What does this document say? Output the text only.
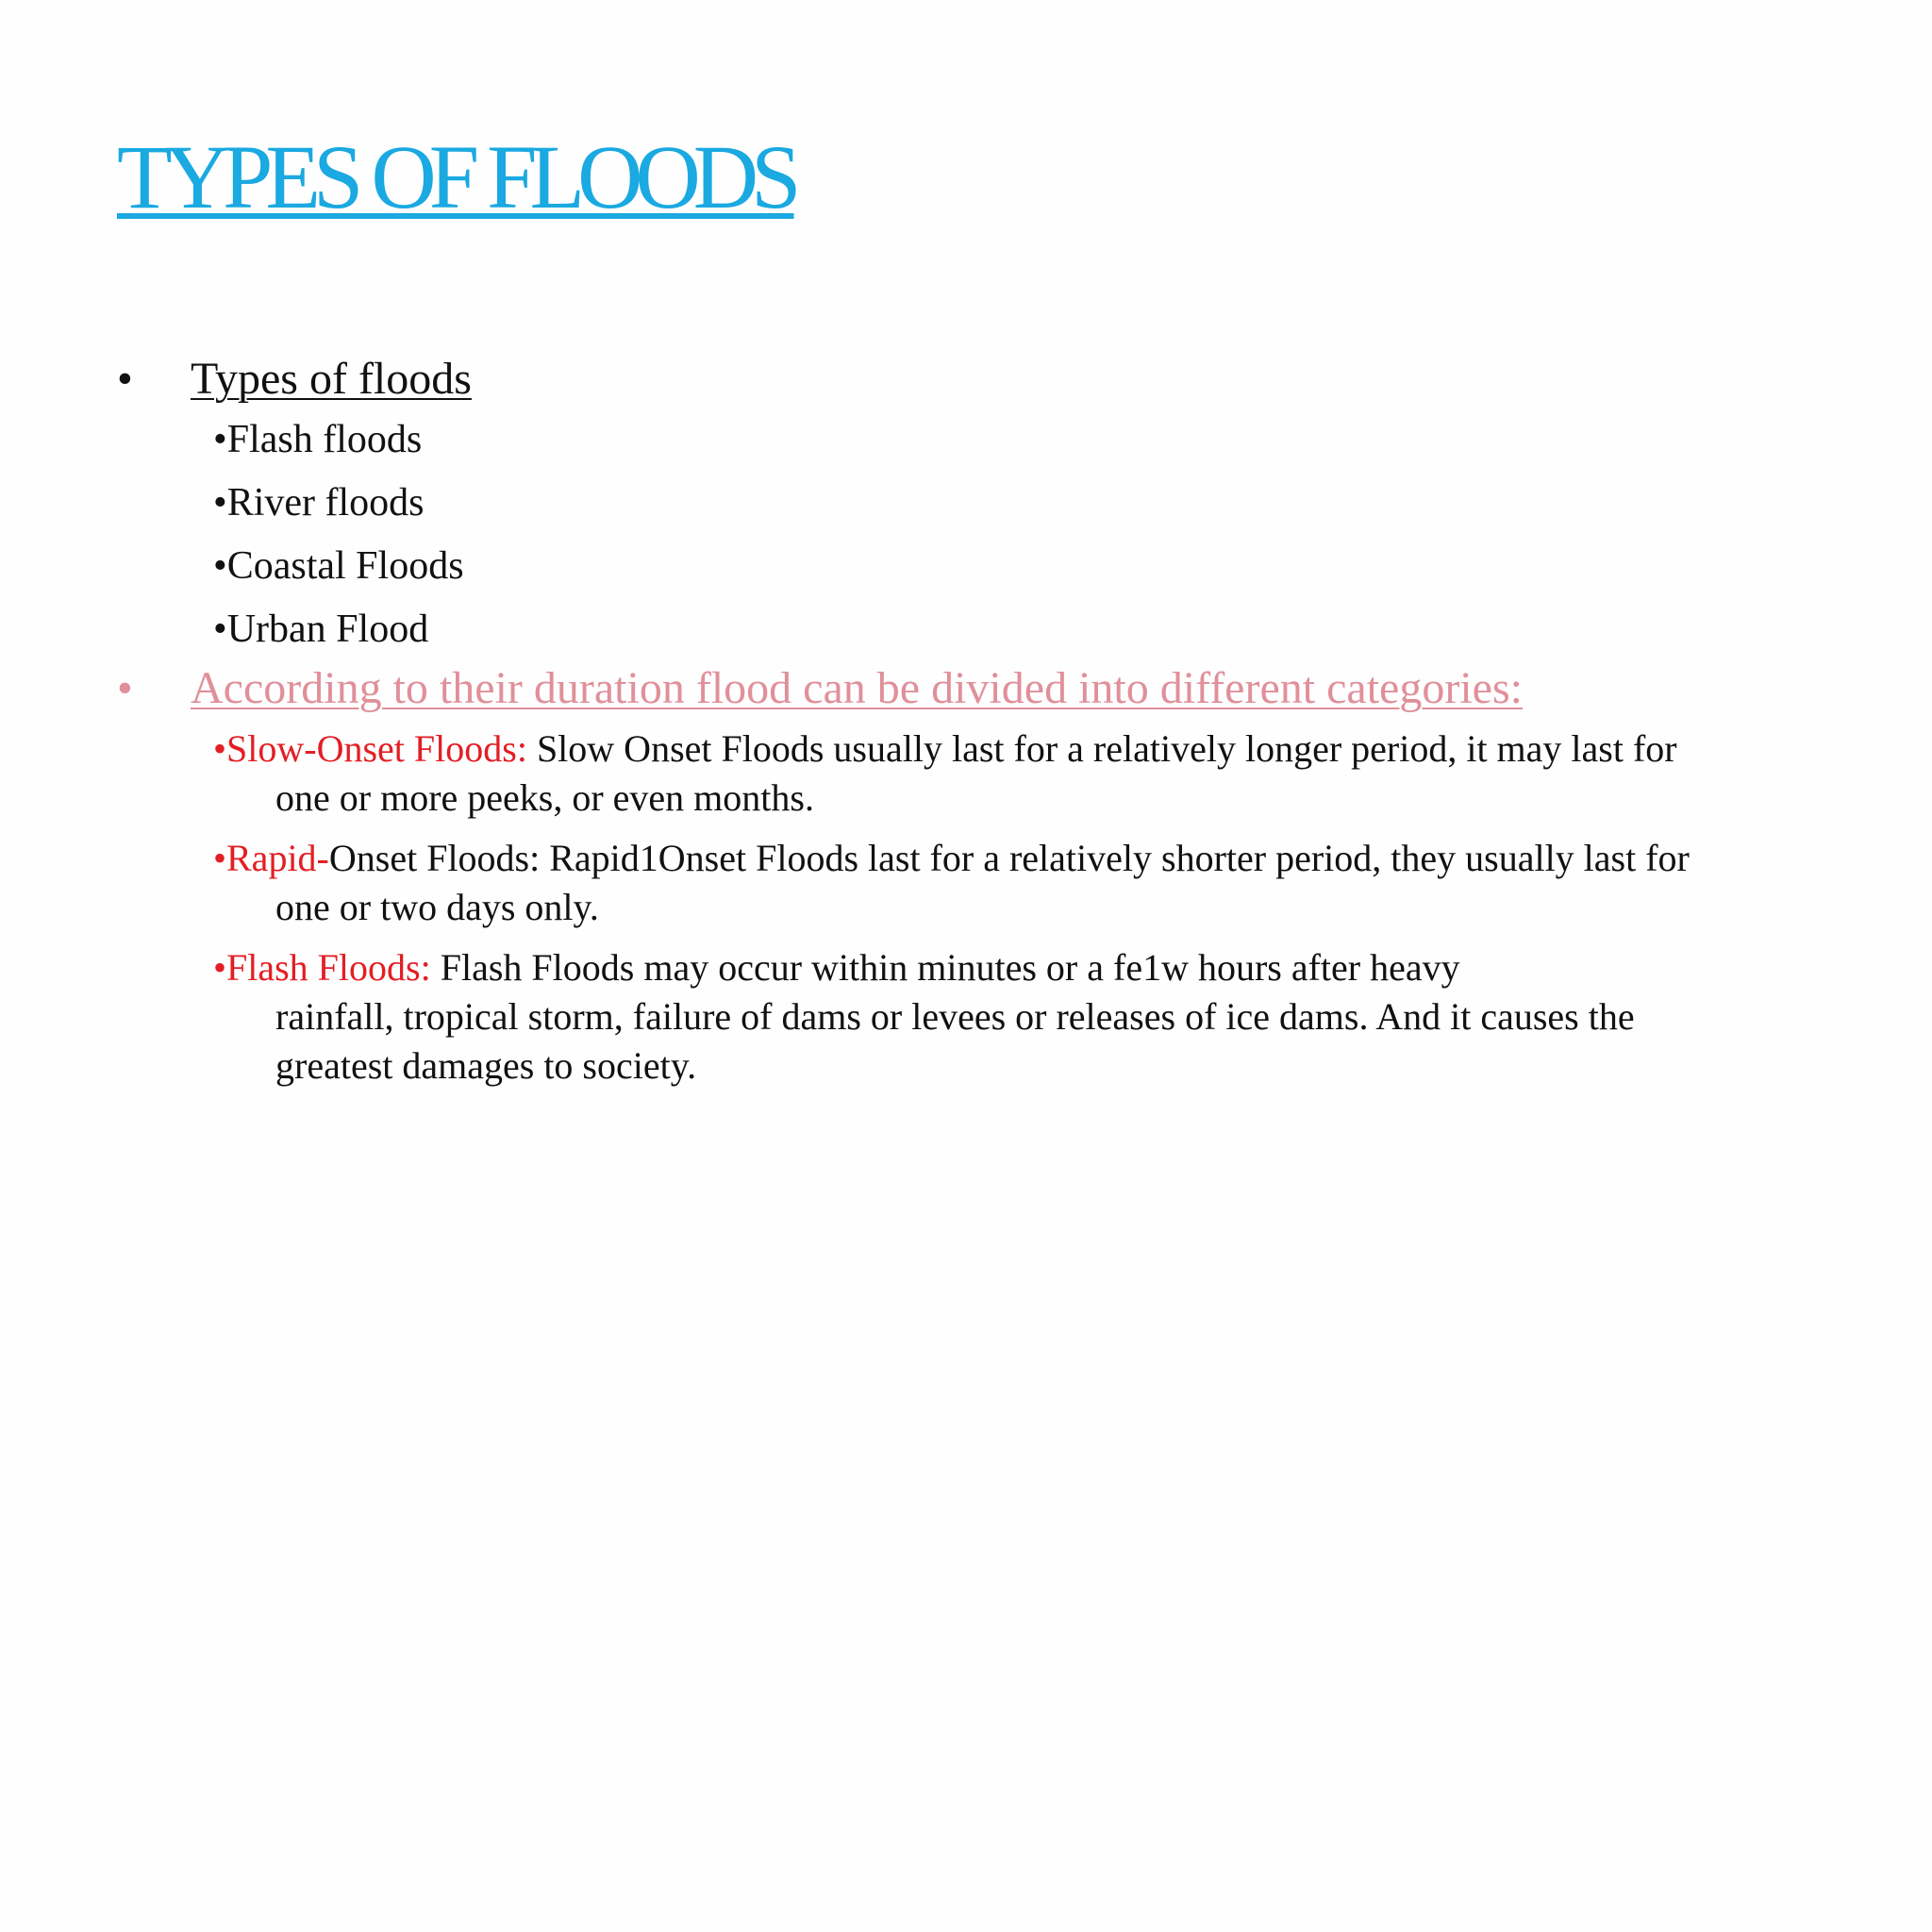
TYPES OF FLOODS
• Types of floods
•Flash floods
•River floods
•Coastal Floods
•Urban Flood
• According to their duration flood can be divided into different categories:
•Slow-Onset Floods: Slow Onset Floods usually last for a relatively longer period, it may last for
one or more peeks, or even months.
•Rapid-Onset Floods: Rapid1Onset Floods last for a relatively shorter period, they usually last for
one or two days only.
•Flash Floods: Flash Floods may occur within minutes or a fe1w hours after heavy
rainfall, tropical storm, failure of dams or levees or releases of ice dams. And it causes the
greatest damages to society.
